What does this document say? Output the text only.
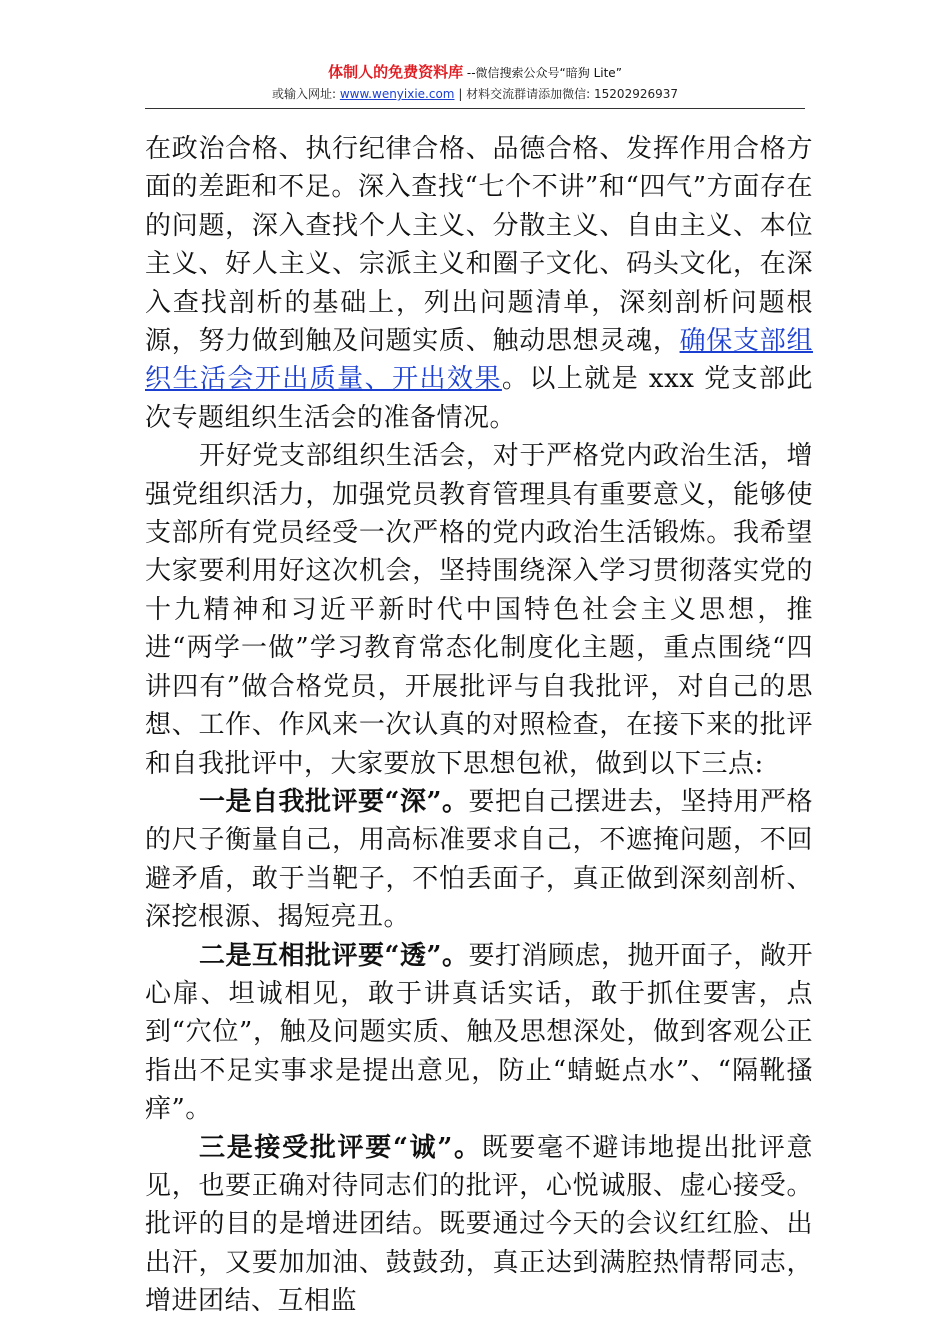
体制人的免费资料库 --微信搜索公众号“暗狗 Lite”
或输入网址: www.wenyixie.com | 材料交流群请添加微信: 15202926937

在政治合格、执行纪律合格、品德合格、发挥作用合格方面的差距和不足。深入查找“七个不讲”和“四气”方面存在的问题，深入查找个人主义、分散主义、自由主义、本位主义、好人主义、宗派主义和圈子文化、码头文化，在深入查找剖析的基础上，列出问题清单，深刻剖析问题根源，努力做到触及问题实质、触动思想灵魂，确保支部组织生活会开出质量、开出效果。以上就是 xxx 党支部此次专题组织生活会的准备情况。

开好党支部组织生活会，对于严格党内政治生活，增强党组织活力，加强党员教育管理具有重要意义，能够使支部所有党员经受一次严格的党内政治生活锻炼。我希望大家要利用好这次机会，坚持围绕深入学习贯彻落实党的十九精神和习近平新时代中国特色社会主义思想，推进“两学一做”学习教育常态化制度化主题，重点围绕“四讲四有”做合格党员，开展批评与自我批评，对自己的思想、工作、作风来一次认真的对照检查，在接下来的批评和自我批评中，大家要放下思想包袱，做到以下三点:

一是自我批评要“深”。要把自己摆进去，坚持用严格的尺子衡量自己，用高标准要求自己，不遮掩问题，不回避矛盾，敢于当靶子，不怕丢面子，真正做到深刻剖析、深挖根源、揭短亮丑。

二是互相批评要“透”。要打消顾虑，抛开面子，敞开心扉、坦诚相见，敢于讲真话实话，敢于抓住要害，点到“穴位”，触及问题实质、触及思想深处，做到客观公正指出不足实事求是提出意见，防止“蜻蜓点水”、“隔靴搔痒”。

三是接受批评要“诚”。既要毫不避讳地提出批评意见，也要正确对待同志们的批评，心悦诚服、虚心接受。批评的目的是增进团结。既要通过今天的会议红红脸、出出汗，又要加加油、鼓鼓劲，真正达到满腔热情帮同志，增进团结、互相监
